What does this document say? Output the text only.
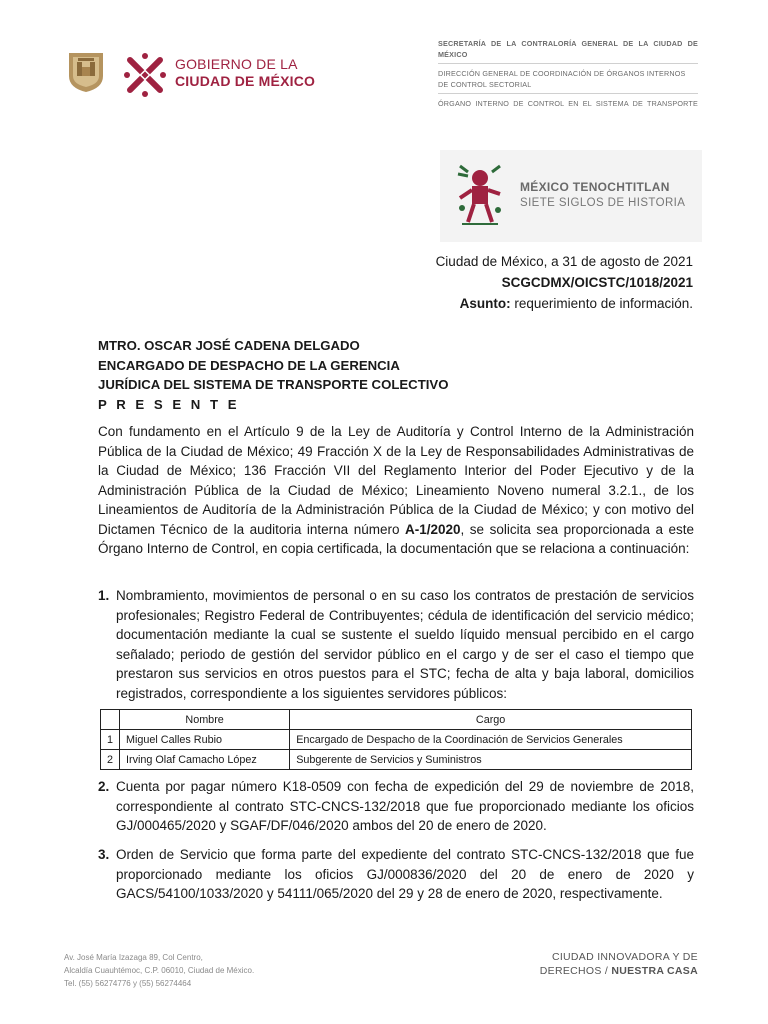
GOBIERNO DE LA
CIUDAD DE MÉXICO
SECRETARÍA DE LA CONTRALORÍA GENERAL DE LA CIUDAD DE MÉXICO
DIRECCIÓN GENERAL DE COORDINACIÓN DE ÓRGANOS INTERNOS DE CONTROL SECTORIAL
ÓRGANO INTERNO DE CONTROL EN EL SISTEMA DE TRANSPORTE
MÉXICO TENOCHTITLAN
SIETE SIGLOS DE HISTORIA
Ciudad de México, a 31 de agosto de 2021
SCGCDMX/OICSTC/1018/2021
Asunto: requerimiento de información.
MTRO. OSCAR JOSÉ CADENA DELGADO
ENCARGADO DE DESPACHO DE LA GERENCIA
JURÍDICA DEL SISTEMA DE TRANSPORTE COLECTIVO
P R E S E N T E
Con fundamento en el Artículo 9 de la Ley de Auditoría y Control Interno de la Administración Pública de la Ciudad de México; 49 Fracción X de la Ley de Responsabilidades Administrativas de la Ciudad de México; 136 Fracción VII del Reglamento Interior del Poder Ejecutivo y de la Administración Pública de la Ciudad de México; Lineamiento Noveno numeral 3.2.1., de los Lineamientos de Auditoría de la Administración Pública de la Ciudad de México; y con motivo del Dictamen Técnico de la auditoria interna número A-1/2020, se solicita sea proporcionada a este Órgano Interno de Control, en copia certificada, la documentación que se relaciona a continuación:
1. Nombramiento, movimientos de personal o en su caso los contratos de prestación de servicios profesionales; Registro Federal de Contribuyentes; cédula de identificación del servicio médico; documentación mediante la cual se sustente el sueldo líquido mensual percibido en el cargo señalado; periodo de gestión del servidor público en el cargo y de ser el caso el tiempo que prestaron sus servicios en otros puestos para el STC; fecha de alta y baja laboral, domicilios registrados, correspondiente a los siguientes servidores públicos:
	Nombre	Cargo
1	Miguel Calles Rubio	Encargado de Despacho de la Coordinación de Servicios Generales
2	Irving Olaf Camacho López	Subgerente de Servicios y Suministros
2. Cuenta por pagar número K18-0509 con fecha de expedición del 29 de noviembre de 2018, correspondiente al contrato STC-CNCS-132/2018 que fue proporcionado mediante los oficios GJ/000465/2020 y SGAF/DF/046/2020 ambos del 20 de enero de 2020.
3. Orden de Servicio que forma parte del expediente del contrato STC-CNCS-132/2018 que fue proporcionado mediante los oficios GJ/000836/2020 del 20 de enero de 2020 y GACS/54100/1033/2020 y 54111/065/2020 del 29 y 28 de enero de 2020, respectivamente.
Av. José María Izazaga 89, Col Centro,
Alcaldía Cuauhtémoc, C.P. 06010, Ciudad de México.
Tel. (55) 56274776 y (55) 56274464
CIUDAD INNOVADORA Y DE
DERECHOS / NUESTRA CASA
